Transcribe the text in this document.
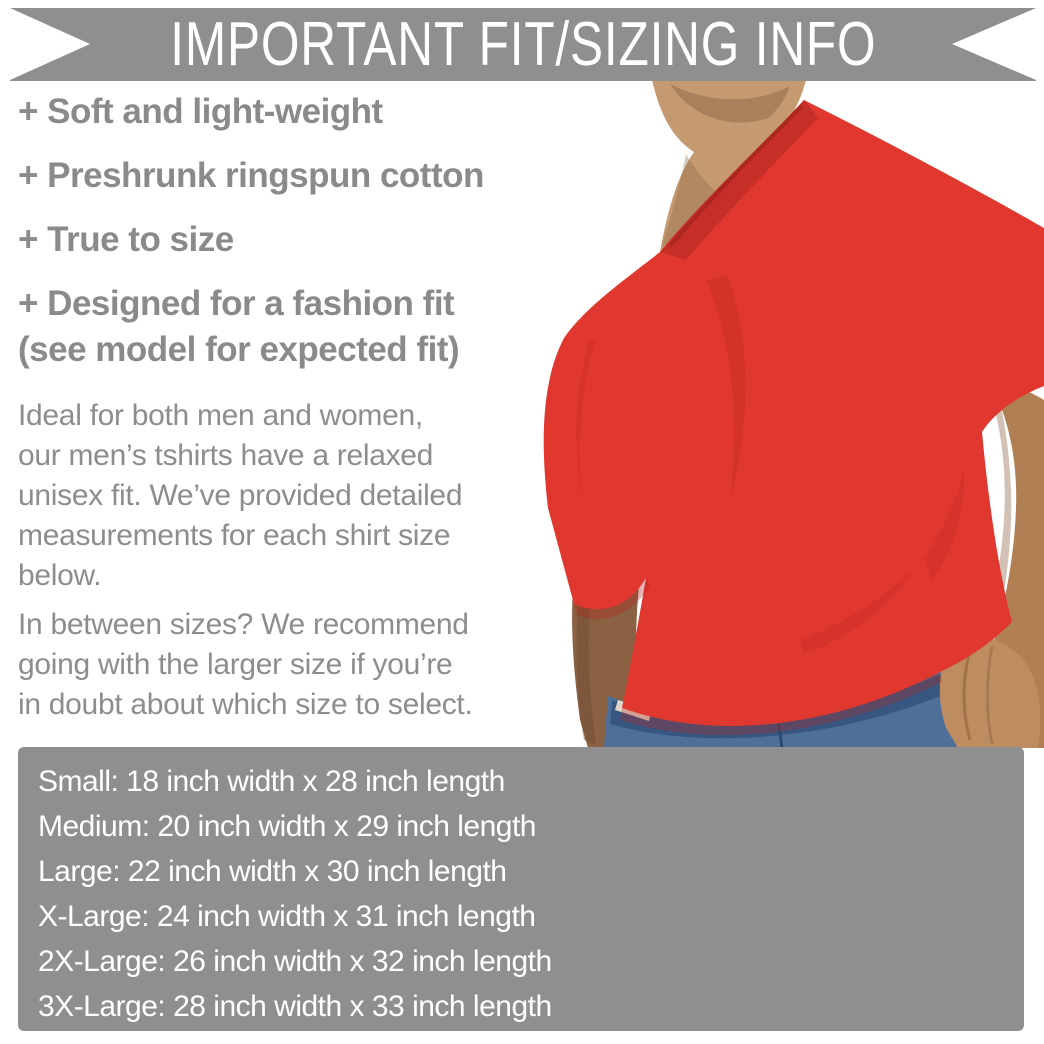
IMPORTANT FIT/SIZING INFO
+ Soft and light-weight
+ Preshrunk ringspun cotton
+ True to size
+ Designed for a fashion fit
(see model for expected fit)
Ideal for both men and women,
our men’s tshirts have a relaxed
unisex fit. We’ve provided detailed
measurements for each shirt size
below.
In between sizes? We recommend
going with the larger size if you’re
in doubt about which size to select.
Small: 18 inch width x 28 inch length
Medium: 20 inch width x 29 inch length
Large: 22 inch width x 30 inch length
X-Large: 24 inch width x 31 inch length
2X-Large: 26 inch width x 32 inch length
3X-Large: 28 inch width x 33 inch length
